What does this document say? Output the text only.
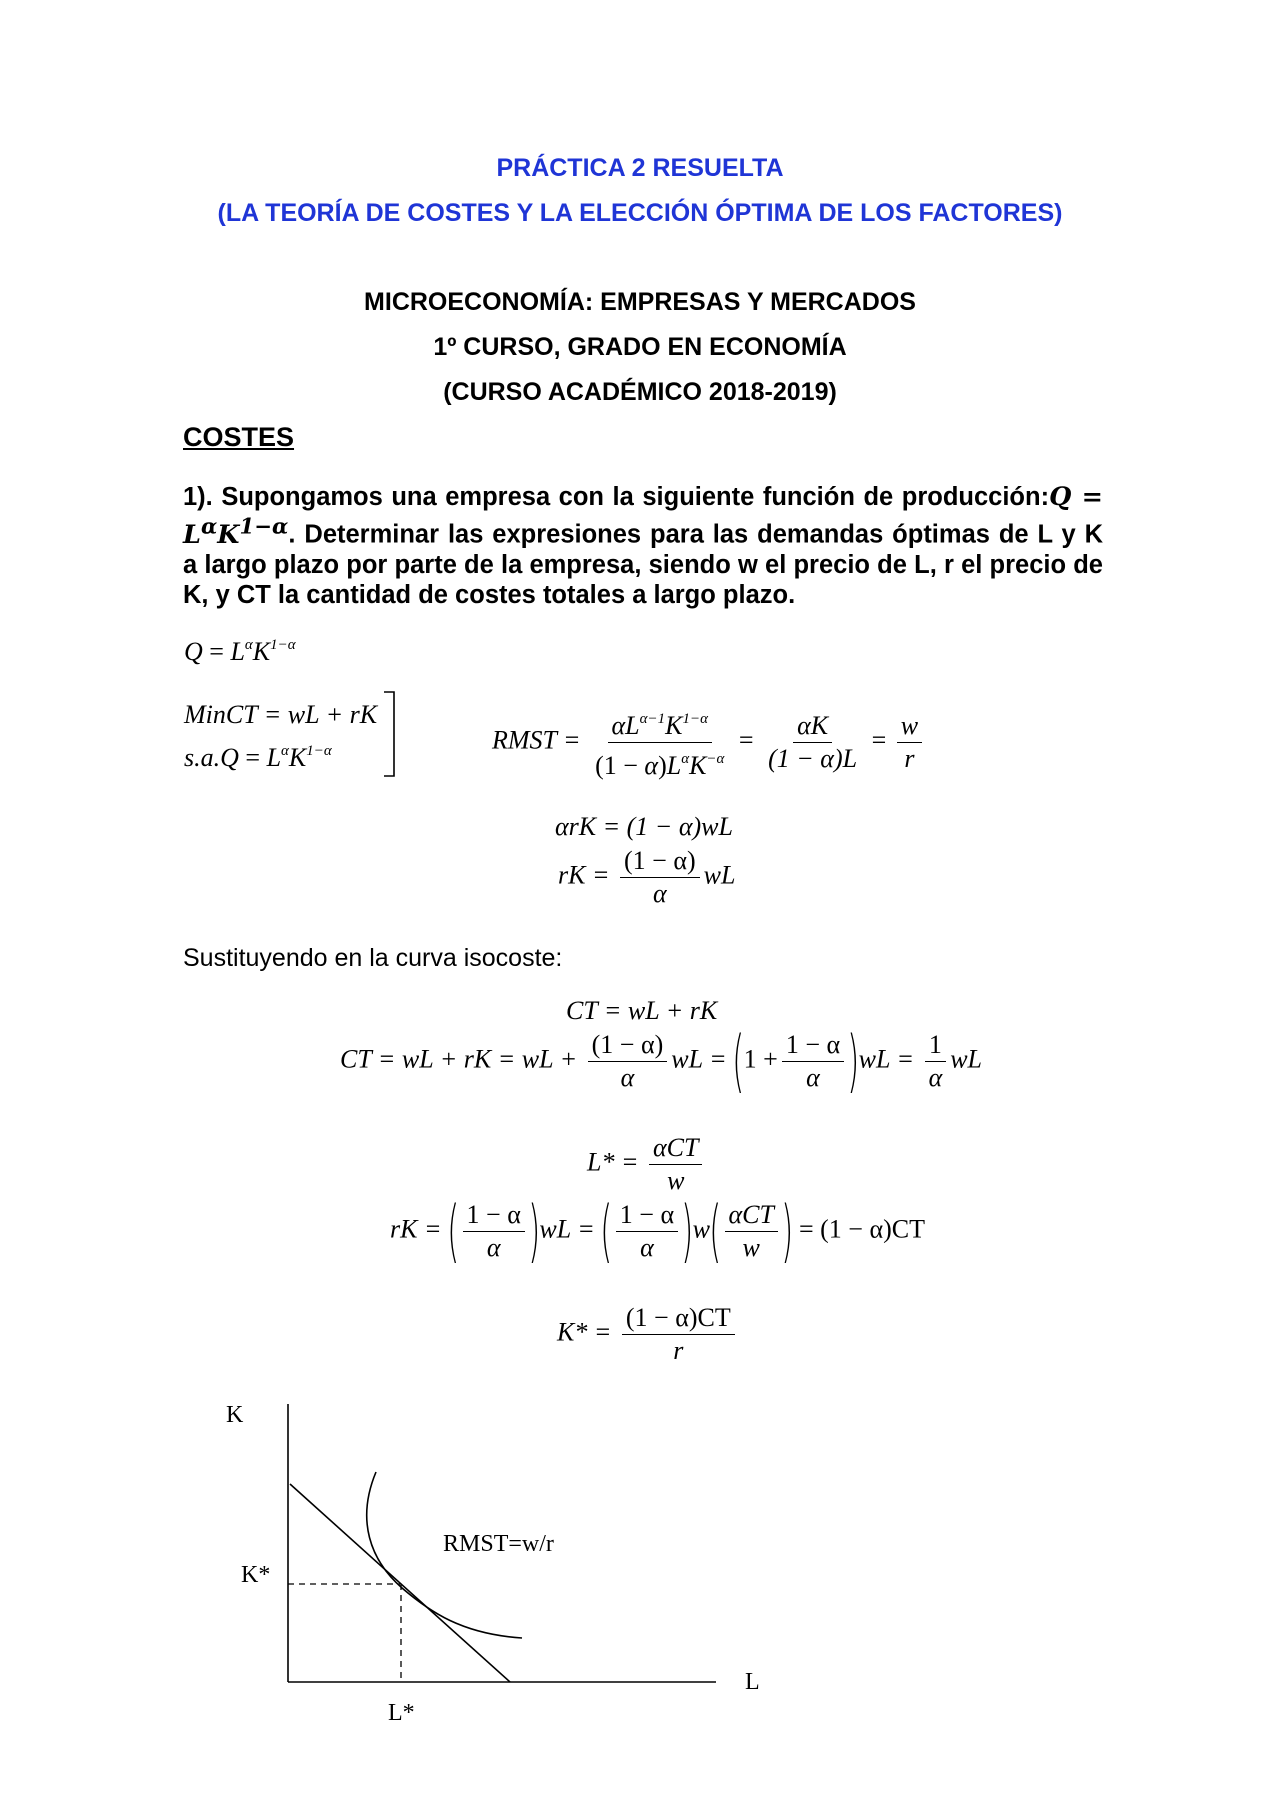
PRÁCTICA 2 RESUELTA
(LA TEORÍA DE COSTES Y LA ELECCIÓN ÓPTIMA DE LOS FACTORES)
MICROECONOMÍA: EMPRESAS Y MERCADOS
1º CURSO, GRADO EN ECONOMÍA
(CURSO ACADÉMICO 2018-2019)
COSTES
1). Supongamos una empresa con la siguiente función de producción:Q = $L^\alpha K^{1-\alpha}$. Determinar las expresiones para las demandas óptimas de L y K a largo plazo por parte de la empresa, siendo w el precio de L, r el precio de K, y CT la cantidad de costes totales a largo plazo.
$Q = L^\alpha K^{1-\alpha}$
MinCT = wL + rK
$s.a.Q = L^\alpha K^{1-\alpha}$	RMST = $\frac{\alpha L^{\alpha-1}K^{1-\alpha}}{(1 - \alpha)L^\alpha K^{-\alpha}} = \frac{\alpha K}{(1 - \alpha)L} = \frac{w}{r}$
αrK = (1 − α)wL
rK = $\frac{(1 - \alpha)}{\alpha}$ wL
Sustituyendo en la curva isocoste:
CT = wL + rK
CT = wL + rK = wL + $\frac{(1 - \alpha)}{\alpha}$ wL = $(1 + \frac{1 - \alpha}{\alpha} )wL = \frac{1}{\alpha}$ wL
$L* = \frac{\text{αCT}}{w}$
rK = ( $\frac{1 - \alpha}{\alpha} )wL$ = ( $\frac{1 - \alpha}{\alpha} )w( \frac{\text{αCT}}{w}$ ) = (1 − α)CT
$K* = \frac{(1 - \alpha)CT}{r}$
K
L
K*
L*
RMST=w/r
